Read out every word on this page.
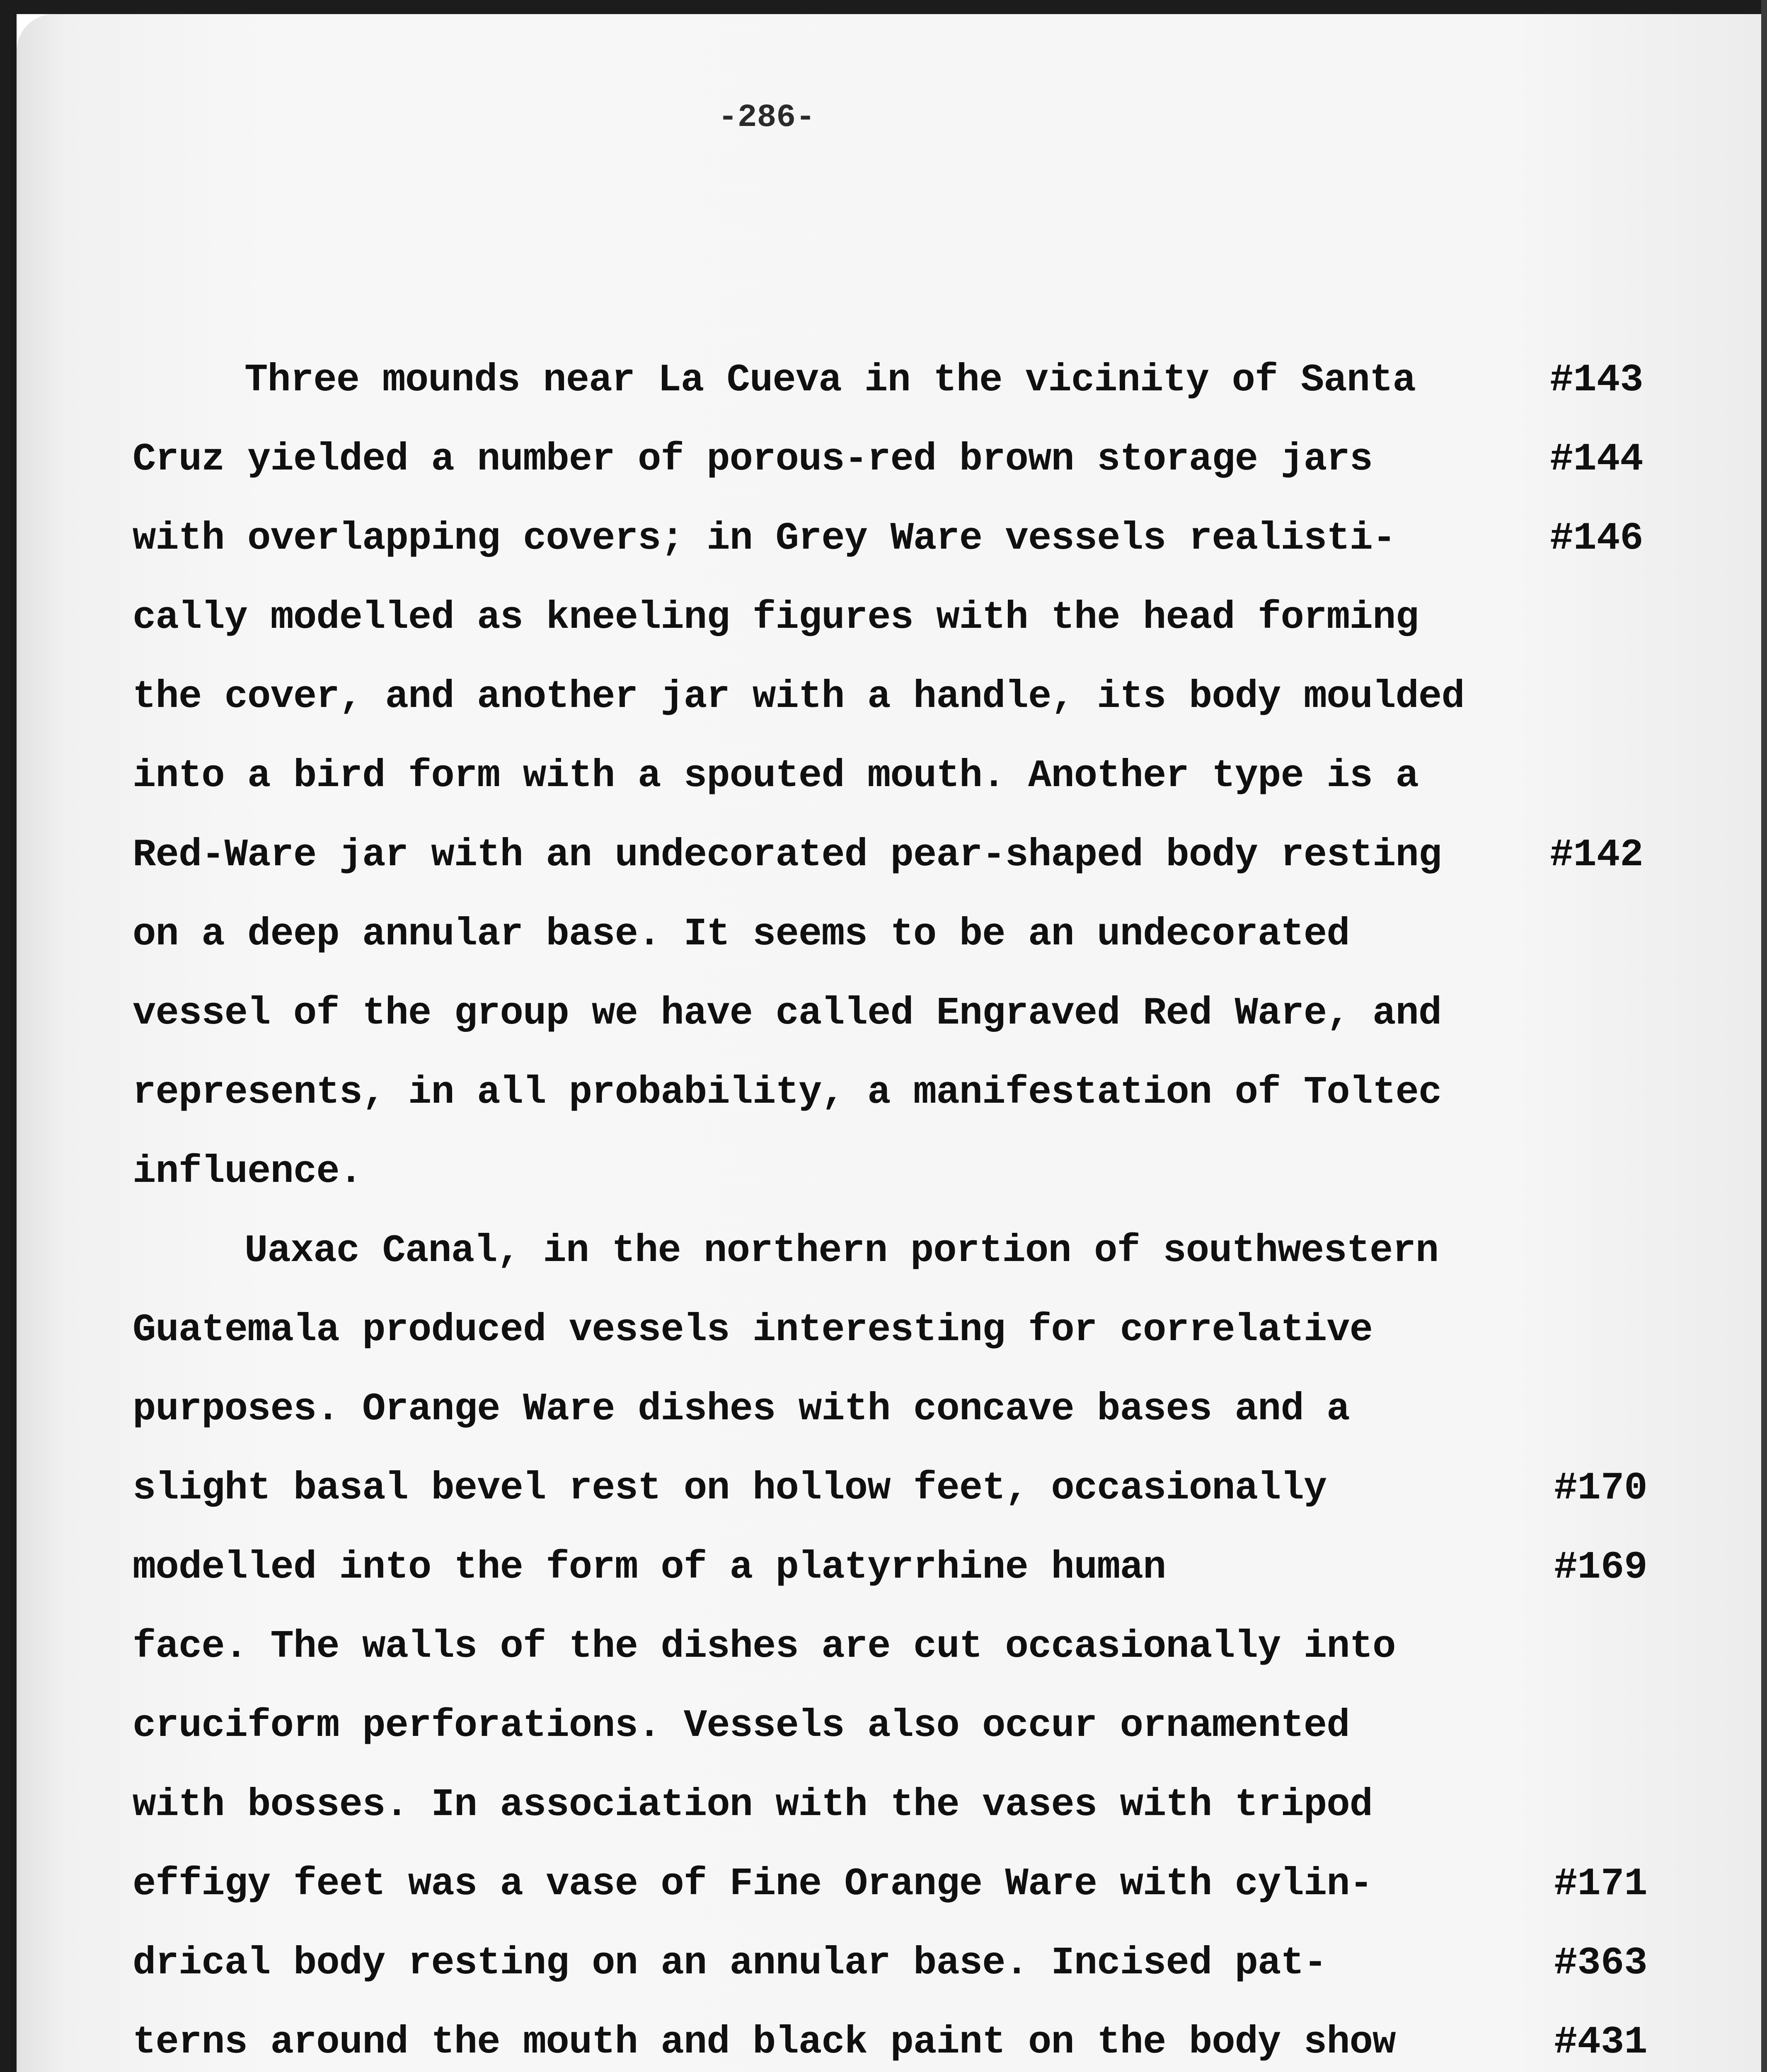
-286-
Three mounds near La Cueva in the vicinity of Santa	#143
Cruz yielded a number of porous-red brown storage jars	#144
with overlapping covers; in Grey Ware vessels realisti-	#146
cally modelled as kneeling figures with the head forming
the cover, and another jar with a handle, its body moulded
into a bird form with a spouted mouth. Another type is a
Red-Ware jar with an undecorated pear-shaped body resting	#142
on a deep annular base. It seems to be an undecorated
vessel of the group we have called Engraved Red Ware, and
represents, in all probability, a manifestation of Toltec
influence.
Uaxac Canal, in the northern portion of southwestern
Guatemala produced vessels interesting for correlative
purposes. Orange Ware dishes with concave bases and a
slight basal bevel rest on hollow feet, occasionally	#170
modelled into the form of a platyrrhine human	#169
face. The walls of the dishes are cut occasionally into
cruciform perforations. Vessels also occur ornamented
with bosses. In association with the vases with tripod
effigy feet was a vase of Fine Orange Ware with cylin-	#171
drical body resting on an annular base. Incised pat-	#363
terns around the mouth and black paint on the body show	#431
